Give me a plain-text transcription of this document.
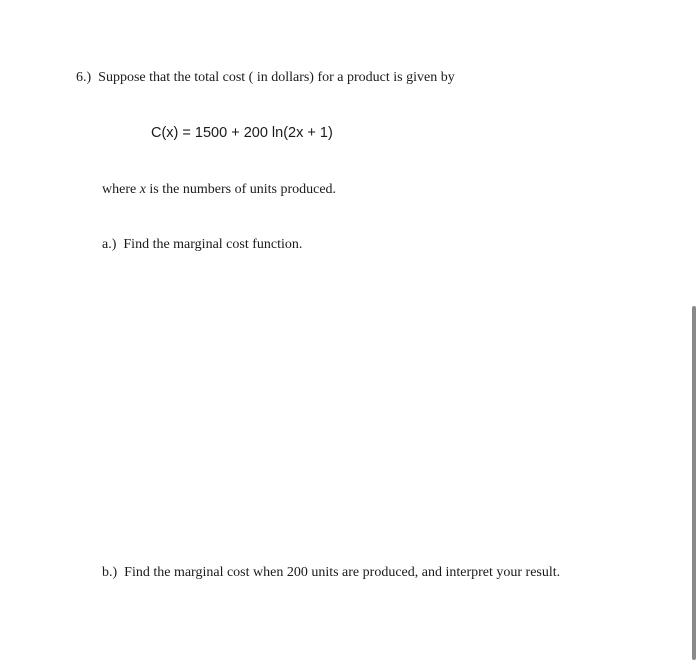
6.) Suppose that the total cost ( in dollars) for a product is given by
C(x) = 1500 + 200 ln(2x + 1)
where x is the numbers of units produced.
a.) Find the marginal cost function.
b.) Find the marginal cost when 200 units are produced, and interpret your result.
